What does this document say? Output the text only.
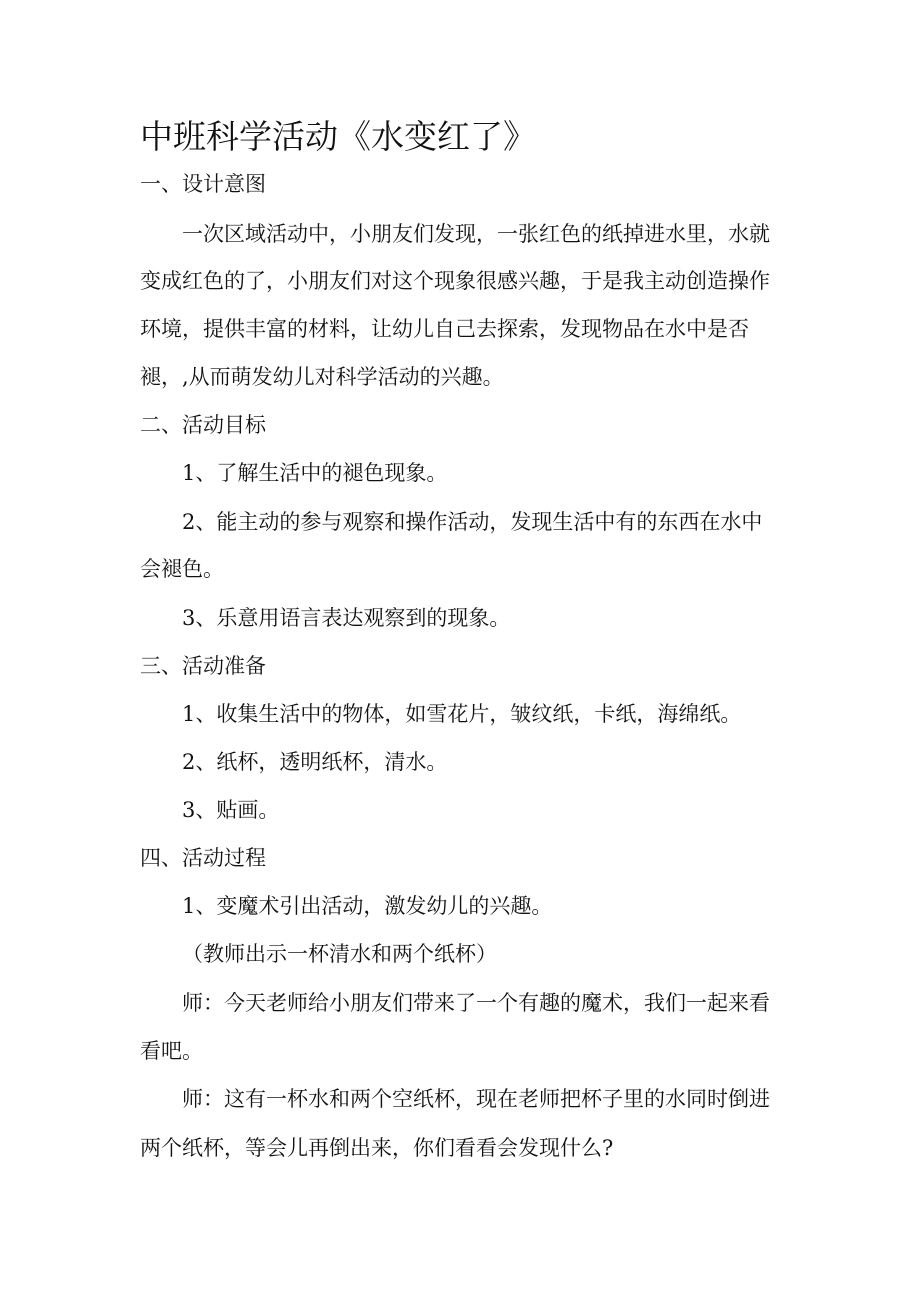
中班科学活动《水变红了》

一、设计意图

一次区域活动中，小朋友们发现，一张红色的纸掉进水里，水就

变成红色的了，小朋友们对这个现象很感兴趣，于是我主动创造操作

环境，提供丰富的材料，让幼儿自己去探索，发现物品在水中是否

褪，,从而萌发幼儿对科学活动的兴趣。

二、活动目标

1、了解生活中的褪色现象。

2、能主动的参与观察和操作活动，发现生活中有的东西在水中

会褪色。

3、乐意用语言表达观察到的现象。

三、活动准备

1、收集生活中的物体，如雪花片，皱纹纸，卡纸，海绵纸。

2、纸杯，透明纸杯，清水。

3、贴画。

四、活动过程

1、变魔术引出活动，激发幼儿的兴趣。

（教师出示一杯清水和两个纸杯）

师：今天老师给小朋友们带来了一个有趣的魔术，我们一起来看

看吧。

师：这有一杯水和两个空纸杯，现在老师把杯子里的水同时倒进

两个纸杯，等会儿再倒出来，你们看看会发现什么?
